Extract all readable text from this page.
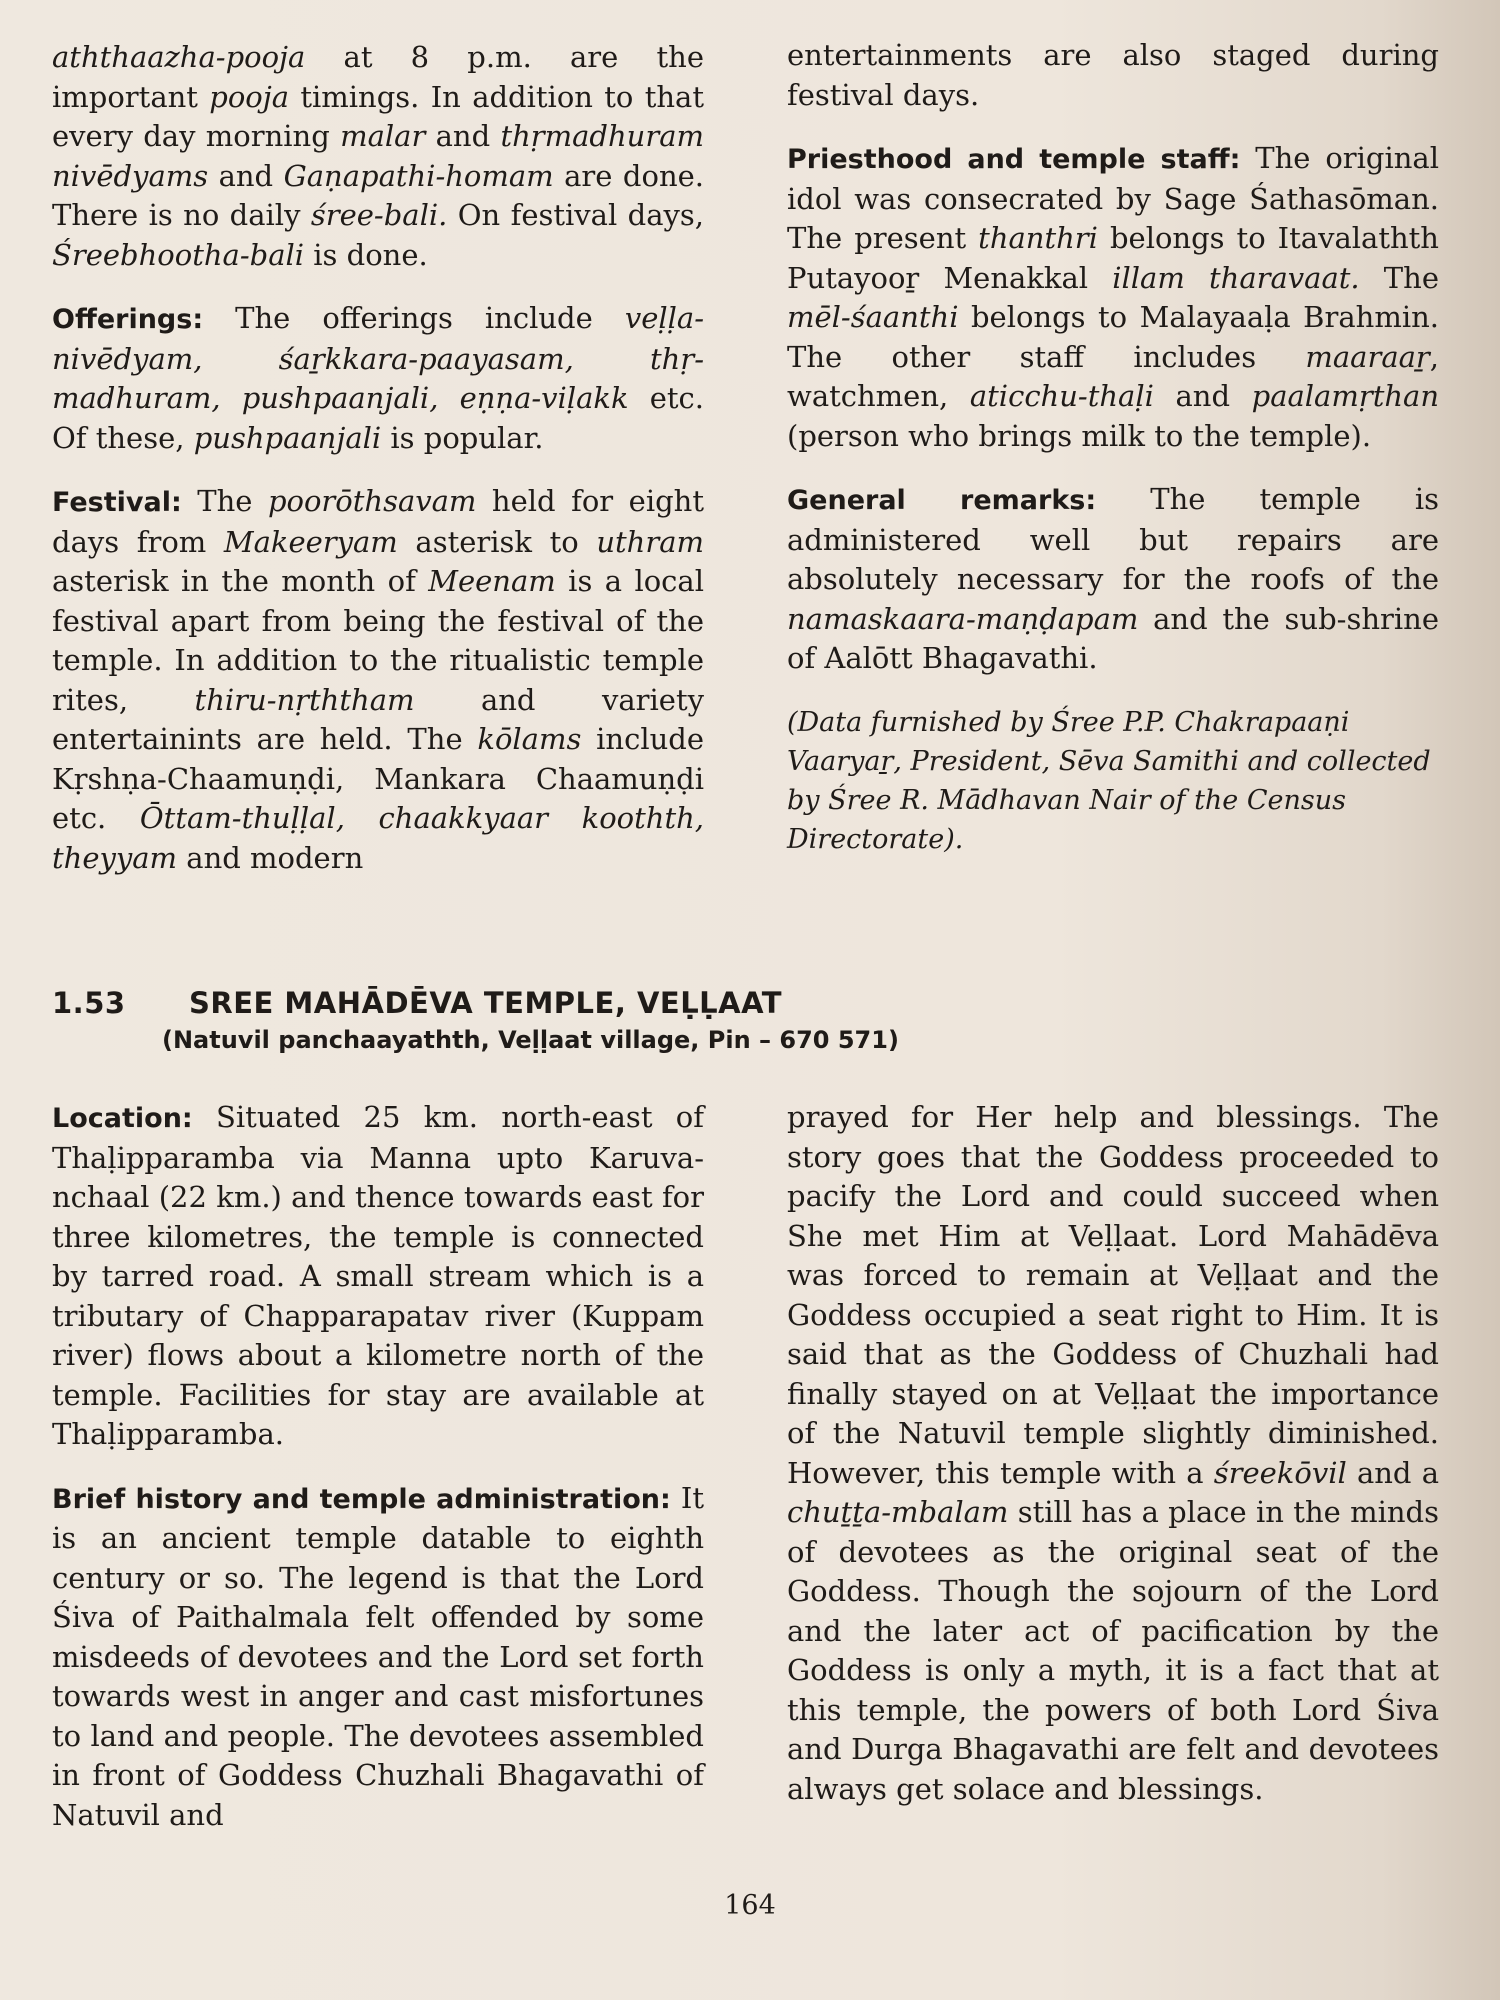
aththaazha-pooja at 8 p.m. are the important pooja timings. In addition to that every day morning malar and thṛmadhuram nivēdyams and Gaṇapathi-homam are done. There is no daily śree-bali. On festival days, Śreebhootha-bali is done.

Offerings: The offerings include veḷḷa-nivēdyam, śaṟkkara-paayasam, thṛ-madhuram, pushpaanjali, eṇṇa-viḷakk etc. Of these, pushpaanjali is popular.

Festival: The poorōthsavam held for eight days from Makeeryam asterisk to uthram asterisk in the month of Meenam is a local festival apart from being the festival of the temple. In addition to the ritualistic temple rites, thiru-nṛththam and variety entertainints are held. The kōlams include Kṛshṇa-Chaamuṇḍi, Mankara Chaamuṇḍi etc. Ōttam-thuḷḷal, chaakkyaar koothth, theyyam and modern

entertainments are also staged during festival days.

Priesthood and temple staff: The original idol was consecrated by Sage Śathasōman. The present thanthri belongs to Itavalathth Putayooṟ Menakkal illam tharavaat. The mēl-śaanthi belongs to Malayaaḷa Brahmin. The other staff includes maaraaṟ, watchmen, aticchu-thaḷi and paalamṛthan (person who brings milk to the temple).

General remarks: The temple is administered well but repairs are absolutely necessary for the roofs of the namaskaara-maṇḍapam and the sub-shrine of Aalōtt Bhagavathi.

(Data furnished by Śree P.P. Chakrapaaṇi Vaaryaṟ, President, Sēva Samithi and collected by Śree R. Mādhavan Nair of the Census Directorate).

1.53 SREE MAHĀDĒVA TEMPLE, VEḶḶAAT
(Natuvil panchaayathth, Veḷḷaat village, Pin – 670 571)

Location: Situated 25 km. north-east of Thaḷipparamba via Manna upto Karuva-nchaal (22 km.) and thence towards east for three kilometres, the temple is connected by tarred road. A small stream which is a tributary of Chapparapatav river (Kuppam river) flows about a kilometre north of the temple. Facilities for stay are available at Thaḷipparamba.

Brief history and temple administration: It is an ancient temple datable to eighth century or so. The legend is that the Lord Śiva of Paithalmala felt offended by some misdeeds of devotees and the Lord set forth towards west in anger and cast misfortunes to land and people. The devotees assembled in front of Goddess Chuzhali Bhagavathi of Natuvil and

prayed for Her help and blessings. The story goes that the Goddess proceeded to pacify the Lord and could succeed when She met Him at Veḷḷaat. Lord Mahādēva was forced to remain at Veḷḷaat and the Goddess occupied a seat right to Him. It is said that as the Goddess of Chuzhali had finally stayed on at Veḷḷaat the importance of the Natuvil temple slightly diminished. However, this temple with a śreekōvil and a chuṯṯa-mbalam still has a place in the minds of devotees as the original seat of the Goddess. Though the sojourn of the Lord and the later act of pacification by the Goddess is only a myth, it is a fact that at this temple, the powers of both Lord Śiva and Durga Bhagavathi are felt and devotees always get solace and blessings.

164
